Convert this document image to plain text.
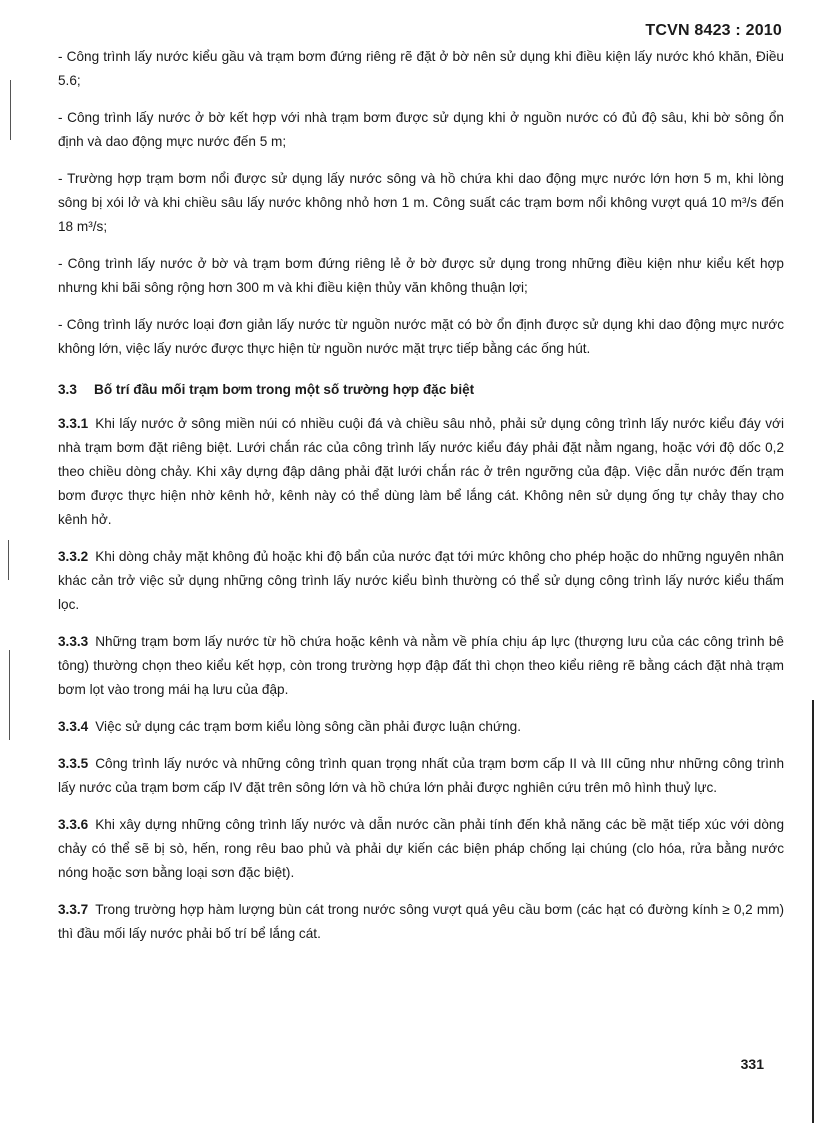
TCVN 8423 : 2010

- Công trình lấy nước kiểu gầu và trạm bơm đứng riêng rẽ đặt ở bờ nên sử dụng khi điều kiện lấy nước khó khăn, Điều 5.6;

- Công trình lấy nước ở bờ kết hợp với nhà trạm bơm được sử dụng khi ở nguồn nước có đủ độ sâu, khi bờ sông ổn định và dao động mực nước đến 5 m;

- Trường hợp trạm bơm nổi được sử dụng lấy nước sông và hồ chứa khi dao động mực nước lớn hơn 5 m, khi lòng sông bị xói lở và khi chiều sâu lấy nước không nhỏ hơn 1 m. Công suất các trạm bơm nổi không vượt quá 10 m³/s đến 18 m³/s;

- Công trình lấy nước ở bờ và trạm bơm đứng riêng lẻ ở bờ được sử dụng trong những điều kiện như kiểu kết hợp nhưng khi bãi sông rộng hơn 300 m và khi điều kiện thủy văn không thuận lợi;

- Công trình lấy nước loại đơn giản lấy nước từ nguồn nước mặt có bờ ổn định được sử dụng khi dao động mực nước không lớn, việc lấy nước được thực hiện từ nguồn nước mặt trực tiếp bằng các ống hút.

3.3 Bố trí đầu mối trạm bơm trong một số trường hợp đặc biệt

3.3.1 Khi lấy nước ở sông miền núi có nhiều cuội đá và chiều sâu nhỏ, phải sử dụng công trình lấy nước kiểu đáy với nhà trạm bơm đặt riêng biệt. Lưới chắn rác của công trình lấy nước kiểu đáy phải đặt nằm ngang, hoặc với độ dốc 0,2 theo chiều dòng chảy. Khi xây dựng đập dâng phải đặt lưới chắn rác ở trên ngưỡng của đập. Việc dẫn nước đến trạm bơm được thực hiện nhờ kênh hở, kênh này có thể dùng làm bể lắng cát. Không nên sử dụng ống tự chảy thay cho kênh hở.

3.3.2 Khi dòng chảy mặt không đủ hoặc khi độ bẩn của nước đạt tới mức không cho phép hoặc do những nguyên nhân khác cản trở việc sử dụng những công trình lấy nước kiểu bình thường có thể sử dụng công trình lấy nước kiểu thấm lọc.

3.3.3 Những trạm bơm lấy nước từ hồ chứa hoặc kênh và nằm về phía chịu áp lực (thượng lưu của các công trình bê tông) thường chọn theo kiểu kết hợp, còn trong trường hợp đập đất thì chọn theo kiểu riêng rẽ bằng cách đặt nhà trạm bơm lọt vào trong mái hạ lưu của đập.

3.3.4 Việc sử dụng các trạm bơm kiểu lòng sông cần phải được luận chứng.

3.3.5 Công trình lấy nước và những công trình quan trọng nhất của trạm bơm cấp II và III cũng như những công trình lấy nước của trạm bơm cấp IV đặt trên sông lớn và hồ chứa lớn phải được nghiên cứu trên mô hình thuỷ lực.

3.3.6 Khi xây dựng những công trình lấy nước và dẫn nước cần phải tính đến khả năng các bề mặt tiếp xúc với dòng chảy có thể sẽ bị sò, hến, rong rêu bao phủ và phải dự kiến các biện pháp chống lại chúng (clo hóa, rửa bằng nước nóng hoặc sơn bằng loại sơn đặc biệt).

3.3.7 Trong trường hợp hàm lượng bùn cát trong nước sông vượt quá yêu cầu bơm (các hạt có đường kính ≥ 0,2 mm) thì đầu mối lấy nước phải bố trí bể lắng cát.

331
